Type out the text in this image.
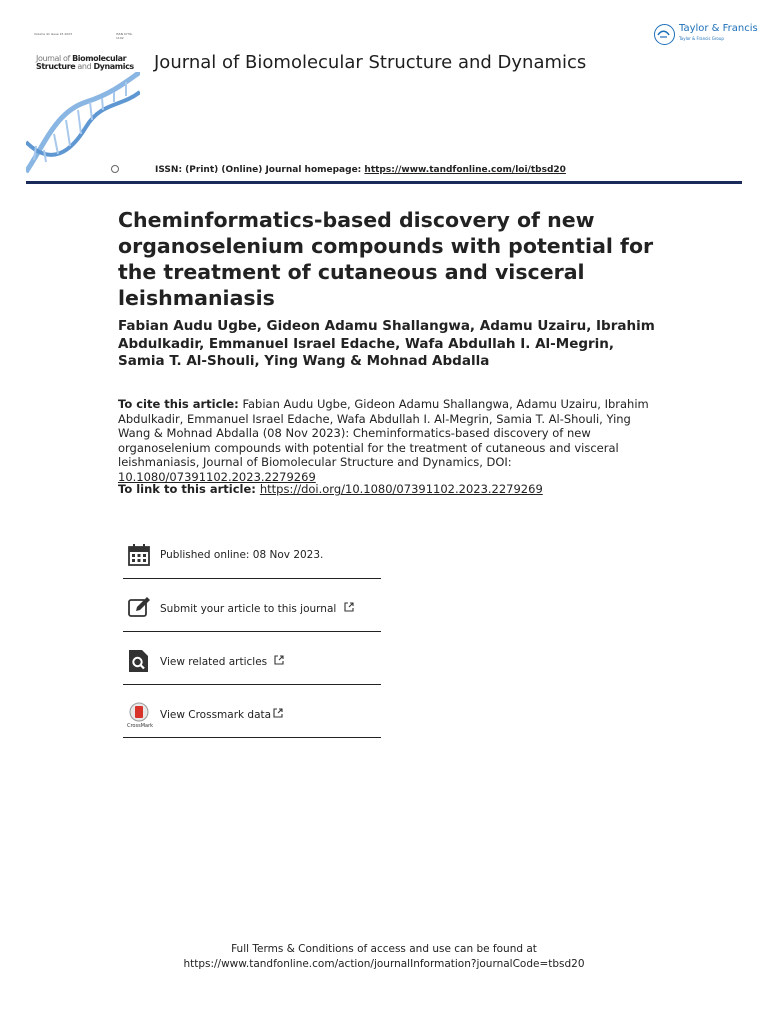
Volume 41 Issue 15 2023	ISSN 0739-1102
Journal of Biomolecular
Structure and Dynamics Journal of Biomolecular Structure and Dynamics
Taylor & Francis
Taylor & Francis Group
ISSN: (Print) (Online) Journal homepage: https://www.tandfonline.com/loi/tbsd20
Cheminformatics-based discovery of new organoselenium compounds with potential for the treatment of cutaneous and visceral leishmaniasis
Fabian Audu Ugbe, Gideon Adamu Shallangwa, Adamu Uzairu, Ibrahim Abdulkadir, Emmanuel Israel Edache, Wafa Abdullah I. Al-Megrin, Samia T. Al-Shouli, Ying Wang & Mohnad Abdalla
To cite this article: Fabian Audu Ugbe, Gideon Adamu Shallangwa, Adamu Uzairu, Ibrahim Abdulkadir, Emmanuel Israel Edache, Wafa Abdullah I. Al-Megrin, Samia T. Al-Shouli, Ying Wang & Mohnad Abdalla (08 Nov 2023): Cheminformatics-based discovery of new organoselenium compounds with potential for the treatment of cutaneous and visceral leishmaniasis, Journal of Biomolecular Structure and Dynamics, DOI: 10.1080/07391102.2023.2279269
To link to this article: https://doi.org/10.1080/07391102.2023.2279269
Published online: 08 Nov 2023.
Submit your article to this journal
View related articles
CrossMark
View Crossmark data
Full Terms & Conditions of access and use can be found at
https://www.tandfonline.com/action/journalInformation?journalCode=tbsd20
